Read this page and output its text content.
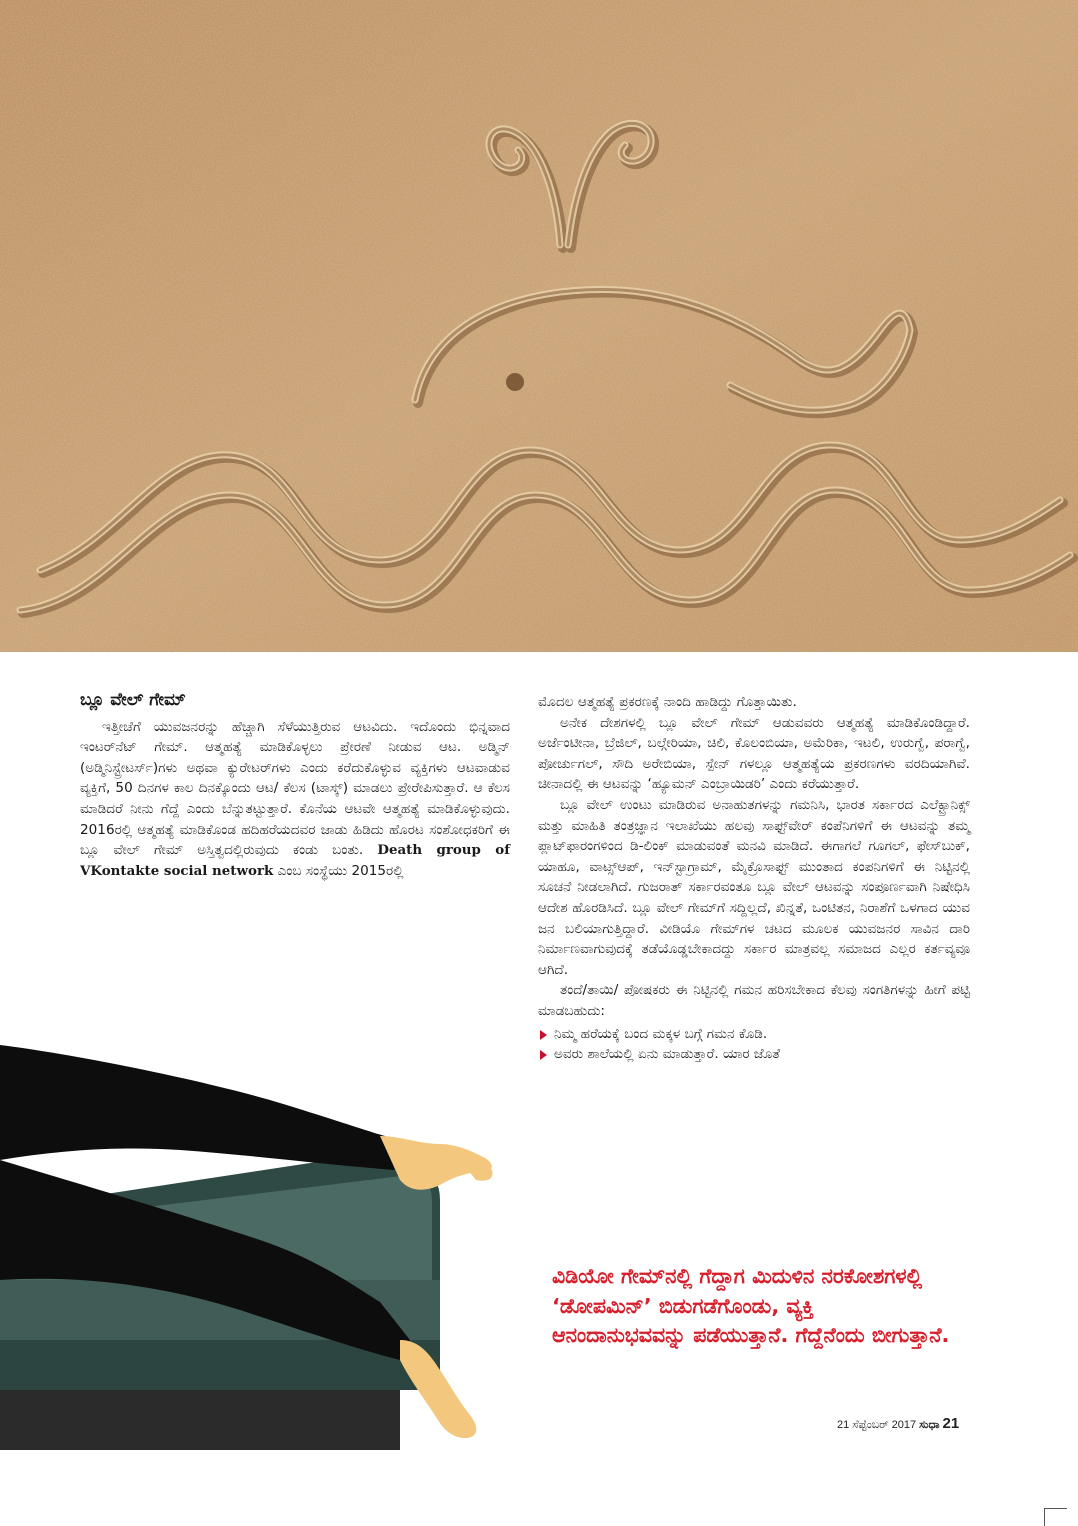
ಬ್ಲೂ ವೇಲ್ ಗೇಮ್

ಇತ್ತೀಚೆಗೆ ಯುವಜನರನ್ನು ಹೆಚ್ಚಾಗಿ ಸೆಳೆಯುತ್ತಿರುವ ಆಟವಿದು. ಇದೊಂದು ಭಿನ್ನವಾದ ಇಂಟರ್‌ನೆಟ್ ಗೇಮ್. ಆತ್ಮಹತ್ಯೆ ಮಾಡಿಕೊಳ್ಳಲು ಪ್ರೇರಣೆ ನೀಡುವ ಆಟ. ಅಡ್ಮಿನ್ (ಅಡ್ಮಿನಿಸ್ಟ್ರೇಟರ್ಸ್)ಗಳು ಅಥವಾ ಕ್ಯುರೇಟರ್‌ಗಳು ಎಂದು ಕರೆದುಕೊಳ್ಳುವ ವ್ಯಕ್ತಿಗಳು ಆಟವಾಡುವ ವ್ಯಕ್ತಿಗೆ, 50 ದಿನಗಳ ಕಾಲ ದಿನಕ್ಕೊಂದು ಆಟ/ ಕೆಲಸ (ಟಾಸ್ಕ್) ಮಾಡಲು ಪ್ರೇರೇಪಿಸುತ್ತಾರೆ. ಆ ಕೆಲಸ ಮಾಡಿದರೆ ನೀನು ಗೆದ್ದೆ ಎಂದು ಬೆನ್ನುತಟ್ಟುತ್ತಾರೆ. ಕೊನೆಯ ಆಟವೇ ಆತ್ಮಹತ್ಯೆ ಮಾಡಿಕೊಳ್ಳುವುದು. 2016ರಲ್ಲಿ ಆತ್ಮಹತ್ಯೆ ಮಾಡಿಕೊಂಡ ಹದಿಹರೆಯದವರ ಜಾಡು ಹಿಡಿದು ಹೊರಟ ಸಂಶೋಧಕರಿಗೆ ಈ ಬ್ಲೂ ವೇಲ್ ಗೇಮ್ ಅಸ್ತಿತ್ವದಲ್ಲಿರುವುದು ಕಂಡು ಬಂತು. Death group of VKontakte social network ಎಂಬ ಸಂಸ್ಥೆಯು 2015ರಲ್ಲಿ

ಮೊದಲ ಆತ್ಮಹತ್ಯೆ ಪ್ರಕರಣಕ್ಕೆ ನಾಂದಿ ಹಾಡಿದ್ದು ಗೊತ್ತಾಯಿತು.

ಅನೇಕ ದೇಶಗಳಲ್ಲಿ ಬ್ಲೂ ವೇಲ್ ಗೇಮ್ ಆಡುವವರು ಆತ್ಮಹತ್ಯೆ ಮಾಡಿಕೊಂಡಿದ್ದಾರೆ. ಅರ್ಜೆಂಟೀನಾ, ಬ್ರೆಜಿಲ್, ಬಲ್ಗೇರಿಯಾ, ಚಿಲಿ, ಕೊಲಂಬಿಯಾ, ಅಮೆರಿಕಾ, ಇಟಲಿ, ಉರುಗ್ವೆ, ಪರಾಗ್ವೆ, ಪೋರ್ಚುಗಲ್, ಸೌದಿ ಅರೇಬಿಯಾ, ಸ್ಪೇನ್ ಗಳಲ್ಲೂ ಆತ್ಮಹತ್ಯೆಯ ಪ್ರಕರಣಗಳು ವರದಿಯಾಗಿವೆ. ಚೀನಾದಲ್ಲಿ ಈ ಆಟವನ್ನು ‘ಹ್ಯೂಮನ್ ಎಂಬ್ರಾಯಿಡರಿ’ ಎಂದು ಕರೆಯುತ್ತಾರೆ.

ಬ್ಲೂ ವೇಲ್ ಉಂಟು ಮಾಡಿರುವ ಅನಾಹುತಗಳನ್ನು ಗಮನಿಸಿ, ಭಾರತ ಸರ್ಕಾರದ ಎಲೆಕ್ಟ್ರಾನಿಕ್ಸ್ ಮತ್ತು ಮಾಹಿತಿ ತಂತ್ರಜ್ಞಾನ ಇಲಾಖೆಯು ಹಲವು ಸಾಫ್ಟ್‌ವೇರ್ ಕಂಪೆನಿಗಳಿಗೆ ಈ ಆಟವನ್ನು ತಮ್ಮ ಪ್ಲಾಟ್‌ಫಾರಂಗಳಿಂದ ಡಿ-ಲಿಂಕ್ ಮಾಡುವಂತೆ ಮನವಿ ಮಾಡಿದೆ. ಈಗಾಗಲೆ ಗೂಗಲ್, ಫೇಸ್‌ಬುಕ್, ಯಾಹೂ, ವಾಟ್ಸ್ಆಪ್, ಇನ್‌ಸ್ಟಾಗ್ರಾಮ್, ಮೈಕ್ರೊಸಾಫ್ಟ್ ಮುಂತಾದ ಕಂಪನಿಗಳಿಗೆ ಈ ನಿಟ್ಟಿನಲ್ಲಿ ಸೂಚನೆ ನೀಡಲಾಗಿದೆ. ಗುಜರಾತ್ ಸರ್ಕಾರವಂತೂ ಬ್ಲೂ ವೇಲ್ ಆಟವನ್ನು ಸಂಪೂರ್ಣವಾಗಿ ನಿಷೇಧಿಸಿ ಆದೇಶ ಹೊರಡಿಸಿದೆ. ಬ್ಲೂ ವೇಲ್ ಗೇಮ್‌ಗೆ ಸದ್ದಿಲ್ಲದೆ, ಖಿನ್ನತೆ, ಒಂಟಿತನ, ನಿರಾಶೆಗೆ ಒಳಗಾದ ಯುವ ಜನ ಬಲಿಯಾಗುತ್ತಿದ್ದಾರೆ. ವೀಡಿಯೊ ಗೇಮ್‌ಗಳ ಚಟದ ಮೂಲಕ ಯುವಜನರ ಸಾವಿನ ದಾರಿ ನಿರ್ಮಾಣವಾಗುವುದಕ್ಕೆ ತಡೆಯೊಡ್ಡಬೇಕಾದದ್ದು ಸರ್ಕಾರ ಮಾತ್ರವಲ್ಲ ಸಮಾಜದ ಎಲ್ಲರ ಕರ್ತವ್ಯವೂ ಆಗಿದೆ.

ತಂದೆ/ತಾಯಿ/ ಪೋಷಕರು ಈ ನಿಟ್ಟಿನಲ್ಲಿ ಗಮನ ಹರಿಸಬೇಕಾದ ಕೆಲವು ಸಂಗತಿಗಳನ್ನು ಹೀಗೆ ಪಟ್ಟಿ ಮಾಡಬಹುದು:

ನಿಮ್ಮ ಹರೆಯಕ್ಕೆ ಬಂದ ಮಕ್ಕಳ ಬಗ್ಗೆ ಗಮನ ಕೊಡಿ.
ಅವರು ಶಾಲೆಯಲ್ಲಿ ಏನು ಮಾಡುತ್ತಾರೆ. ಯಾರ ಜೊತೆ
ವಿಡಿಯೋ ಗೇಮ್‌ನಲ್ಲಿ ಗೆದ್ದಾಗ ಮಿದುಳಿನ ನರಕೋಶಗಳಲ್ಲಿ ‘ಡೋಪಮಿನ್’ ಬಿಡುಗಡೆಗೊಂಡು, ವ್ಯಕ್ತಿ ಆನಂದಾನುಭವವನ್ನು ಪಡೆಯುತ್ತಾನೆ. ಗೆದ್ದೆನೆಂದು ಬೀಗುತ್ತಾನೆ.
21 ಸೆಪ್ಟೆಂಬರ್ 2017 ಸುಧಾ 21
